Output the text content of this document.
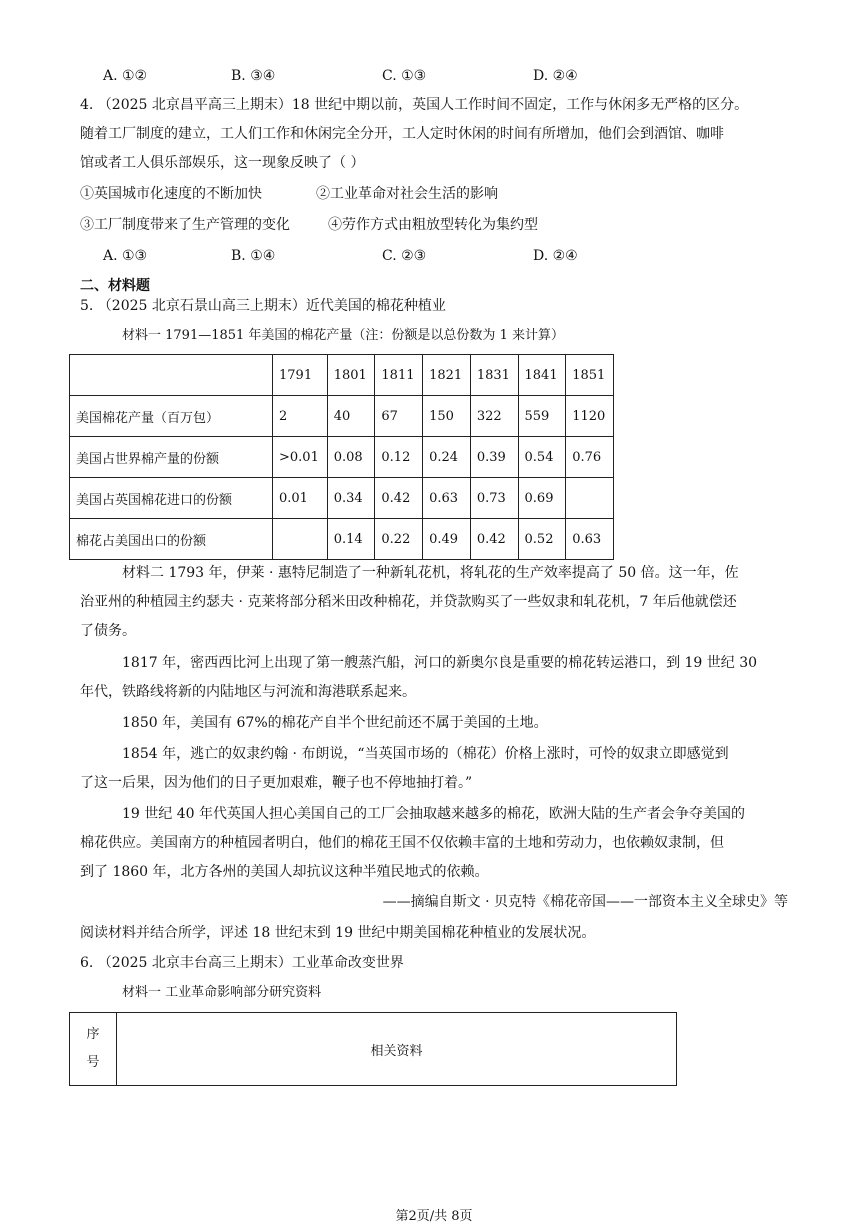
A. ①②	B. ③④	C. ①③	D. ②④
4. （2025 北京昌平高三上期末）18 世纪中期以前，英国人工作时间不固定，工作与休闲多无严格的区分。
随着工厂制度的建立，工人们工作和休闲完全分开，工人定时休闲的时间有所增加，他们会到酒馆、咖啡
馆或者工人俱乐部娱乐，这一现象反映了（ ）
①英国城市化速度的不断加快	②工业革命对社会生活的影响
③工厂制度带来了生产管理的变化	④劳作方式由粗放型转化为集约型
A. ①③	B. ①④	C. ②③	D. ②④
二、材料题
5. （2025 北京石景山高三上期末）近代美国的棉花种植业
材料一 1791—1851 年美国的棉花产量（注：份额是以总份数为 1 来计算）
	1791	1801	1811	1821	1831	1841	1851
美国棉花产量（百万包）	2	40	67	150	322	559	1120
美国占世界棉产量的份额	>0.01	0.08	0.12	0.24	0.39	0.54	0.76
美国占英国棉花进口的份额	0.01	0.34	0.42	0.63	0.73	0.69	
棉花占美国出口的份额		0.14	0.22	0.49	0.42	0.52	0.63
材料二 1793 年，伊莱 · 惠特尼制造了一种新轧花机，将轧花的生产效率提高了 50 倍。这一年，佐
治亚州的种植园主约瑟夫 · 克莱将部分稻米田改种棉花，并贷款购买了一些奴隶和轧花机，7 年后他就偿还
了债务。
1817 年，密西西比河上出现了第一艘蒸汽船，河口的新奥尔良是重要的棉花转运港口，到 19 世纪 30
年代，铁路线将新的内陆地区与河流和海港联系起来。
1850 年，美国有 67%的棉花产自半个世纪前还不属于美国的土地。
1854 年，逃亡的奴隶约翰 · 布朗说，“当英国市场的（棉花）价格上涨时，可怜的奴隶立即感觉到
了这一后果，因为他们的日子更加艰难，鞭子也不停地抽打着。”
19 世纪 40 年代英国人担心美国自己的工厂会抽取越来越多的棉花，欧洲大陆的生产者会争夺美国的
棉花供应。美国南方的种植园者明白，他们的棉花王国不仅依赖丰富的土地和劳动力，也依赖奴隶制，但
到了 1860 年，北方各州的美国人却抗议这种半殖民地式的依赖。
——摘编自斯文 · 贝克特《棉花帝国——一部资本主义全球史》等
阅读材料并结合所学，评述 18 世纪末到 19 世纪中期美国棉花种植业的发展状况。
6. （2025 北京丰台高三上期末）工业革命改变世界
材料一 工业革命影响部分研究资料
序
号
	相关资料
第2页/共 8页
